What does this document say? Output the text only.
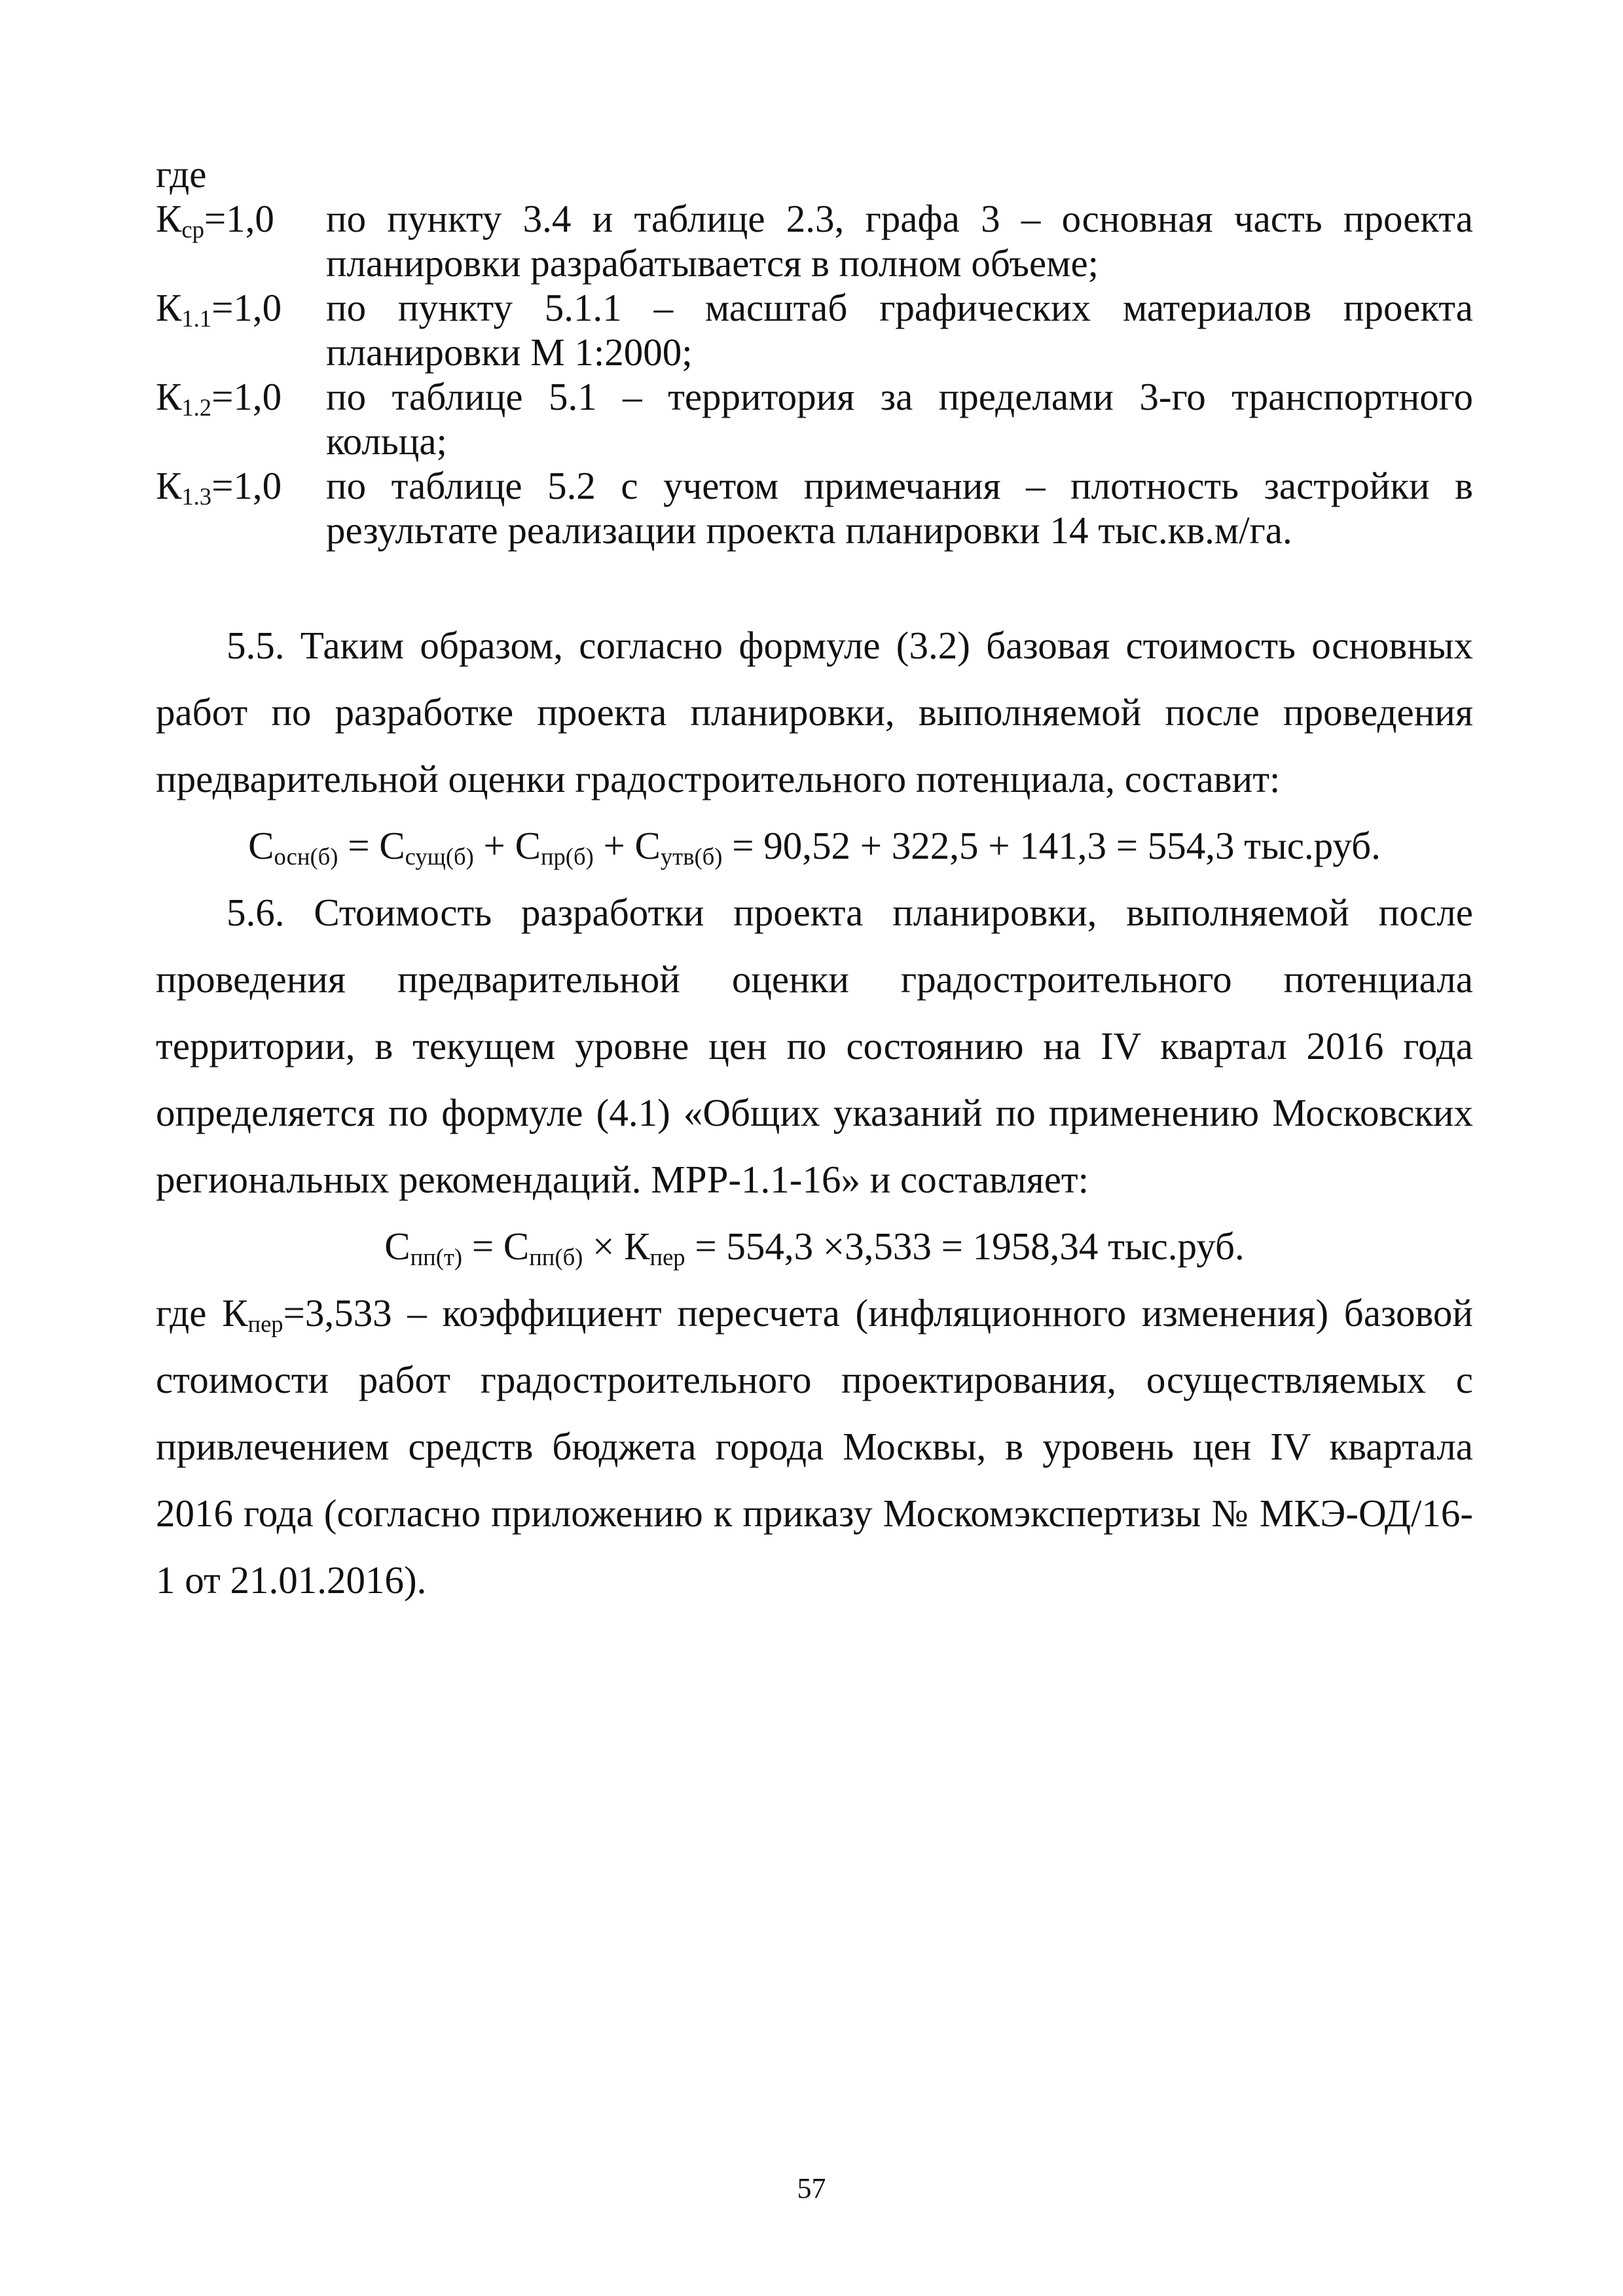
где
$К_{ср}=1,0$	по пункту 3.4 и таблице 2.3, графа 3 – основная часть проекта планировки разрабатывается в полном объеме;
$К_{1.1}=1,0$	по пункту 5.1.1 – масштаб графических материалов проекта планировки М 1:2000;
$К_{1.2}=1,0$	по таблице 5.1 – территория за пределами 3-го транспортного кольца;
$К_{1.3}=1,0$	по таблице 5.2 с учетом примечания – плотность застройки в результате реализации проекта планировки 14 тыс.кв.м/га.
5.5. Таким образом, согласно формуле (3.2) базовая стоимость основных работ по разработке проекта планировки, выполняемой после проведения предварительной оценки градостроительного потенциала, составит:
$С_{осн(б)} = С_{сущ(б)} + С_{пр(б)} + С_{утв(б)} = 90,52 + 322,5 + 141,3 = 554,3$ тыс.руб.
5.6. Стоимость разработки проекта планировки, выполняемой после проведения предварительной оценки градостроительного потенциала территории, в текущем уровне цен по состоянию на IV квартал 2016 года определяется по формуле (4.1) «Общих указаний по применению Московских региональных рекомендаций. МРР-1.1-16» и составляет:
$С_{пп(т)} = С_{пп(б)} \times К_{пер} = 554,3 \times 3,533 = 1958,34$ тыс.руб.
где $К_{пер}=3,533$ – коэффициент пересчета (инфляционного изменения) базовой стоимости работ градостроительного проектирования, осуществляемых с привлечением средств бюджета города Москвы, в уровень цен IV квартала 2016 года (согласно приложению к приказу Москомэкспертизы № МКЭ-ОД/16-1 от 21.01.2016).
57
